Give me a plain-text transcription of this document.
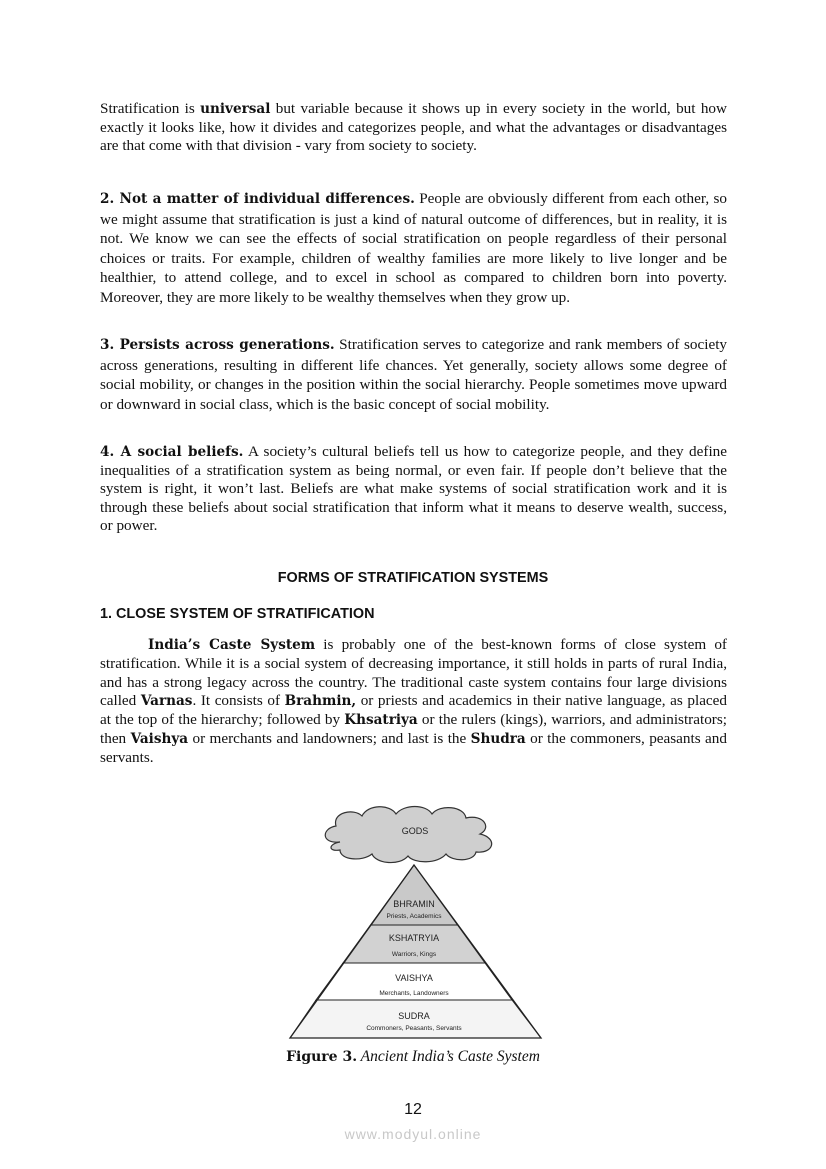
Stratification is universal but variable because it shows up in every society in the world, but how exactly it looks like, how it divides and categorizes people, and what the advantages or disadvantages are that come with that division - vary from society to society.

2. Not a matter of individual differences. People are obviously different from each other, so we might assume that stratification is just a kind of natural outcome of differences, but in reality, it is not. We know we can see the effects of social stratification on people regardless of their personal choices or traits. For example, children of wealthy families are more likely to live longer and be healthier, to attend college, and to excel in school as compared to children born into poverty. Moreover, they are more likely to be wealthy themselves when they grow up.

3. Persists across generations. Stratification serves to categorize and rank members of society across generations, resulting in different life chances. Yet generally, society allows some degree of social mobility, or changes in the position within the social hierarchy. People sometimes move upward or downward in social class, which is the basic concept of social mobility.

4. A social beliefs. A society’s cultural beliefs tell us how to categorize people, and they define inequalities of a stratification system as being normal, or even fair. If people don’t believe that the system is right, it won’t last. Beliefs are what make systems of social stratification work and it is through these beliefs about social stratification that inform what it means to deserve wealth, success, or power.

FORMS OF STRATIFICATION SYSTEMS
1. CLOSE SYSTEM OF STRATIFICATION

India’s Caste System is probably one of the best-known forms of close system of stratification. While it is a social system of decreasing importance, it still holds in parts of rural India, and has a strong legacy across the country. The traditional caste system contains four large divisions called Varnas. It consists of Brahmin, or priests and academics in their native language, as placed at the top of the hierarchy; followed by Khsatriya or the rulers (kings), warriors, and administrators; then Vaishya or merchants and landowners; and last is the Shudra or the commoners, peasants and servants.

GODS
BHRAMIN
Priests, Academics
KSHATRYIA
Warriors, Kings
VAISHYA
Merchants, Landowners
SUDRA
Commoners, Peasants, Servants
Figure 3. Ancient India’s Caste System
12
www.modyul.online
